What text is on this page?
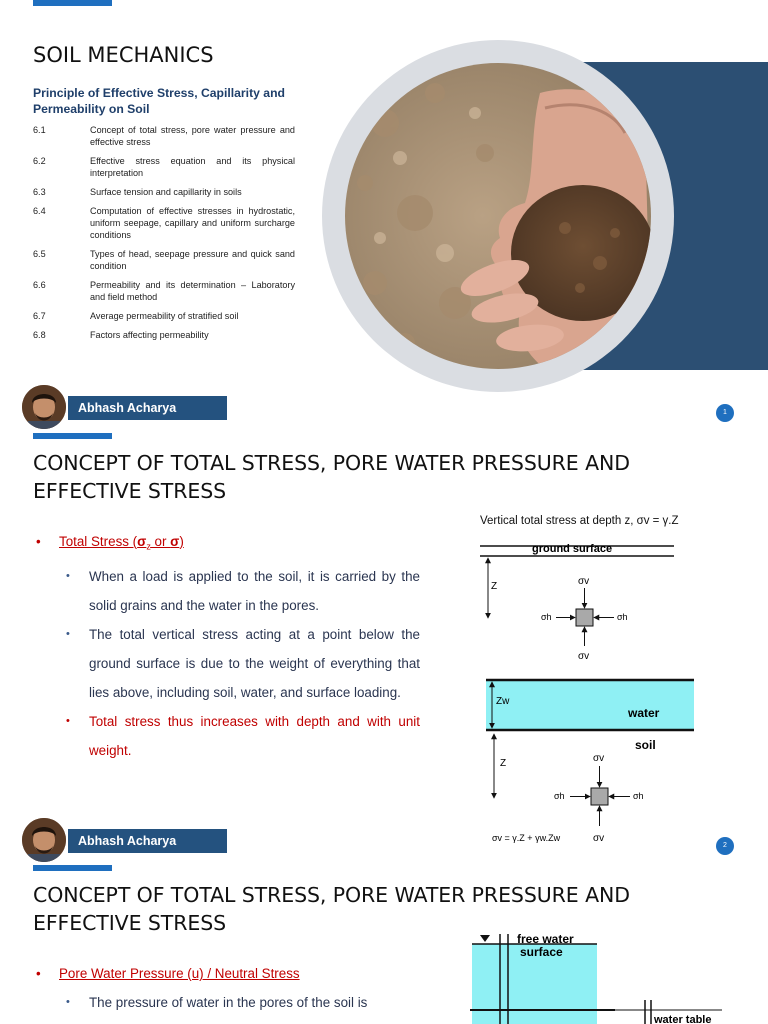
SOIL MECHANICS
Principle of Effective Stress, Capillarity and Permeability on Soil
6.1	Concept of total stress, pore water pressure and effective stress
6.2	Effective stress equation and its physical interpretation
6.3	Surface tension and capillarity in soils
6.4	Computation of effective stresses in hydrostatic, uniform seepage, capillary and uniform surcharge conditions
6.5	Types of head, seepage pressure and quick sand condition
6.6	Permeability and its determination – Laboratory and field method
6.7	Average permeability of stratified soil
6.8	Factors affecting permeability
Abhash Acharya	1
CONCEPT OF TOTAL STRESS, PORE WATER PRESSURE AND EFFECTIVE STRESS
•	Total Stress ($\sigma_z$ or σ)
•	When a load is applied to the soil, it is carried by the solid grains and the water in the pores.
•	The total vertical stress acting at a point below the ground surface is due to the weight of everything that lies above, including soil, water, and surface loading.
•	Total stress thus increases with depth and with unit weight.
Vertical total stress at depth z, σv = γ.Z
ground surface
Z	σv
σv
σh	σh
Zw
water
soil
Z	σv
σv
σh	σh
σv = γ.Z + γw.Zw
Abhash Acharya	2
CONCEPT OF TOTAL STRESS, PORE WATER PRESSURE AND EFFECTIVE STRESS
•	Pore Water Pressure (u) / Neutral Stress
•	The pressure of water in the pores of the soil is
free water
surface
water table
